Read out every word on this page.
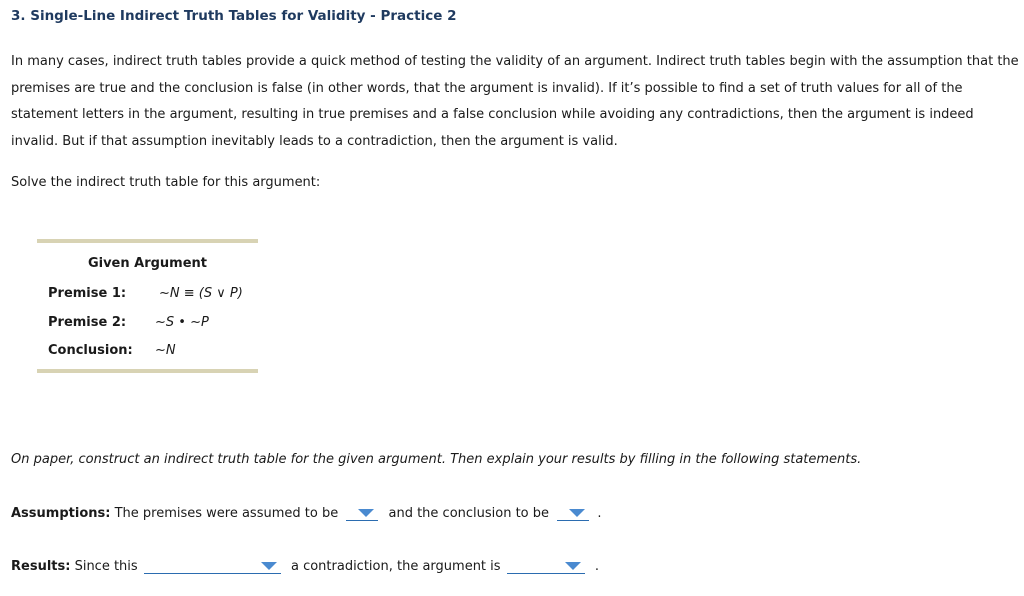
3. Single-Line Indirect Truth Tables for Validity - Practice 2

In many cases, indirect truth tables provide a quick method of testing the validity of an argument. Indirect truth tables begin with the assumption that the premises are true and the conclusion is false (in other words, that the argument is invalid). If it’s possible to find a set of truth values for all of the statement letters in the argument, resulting in true premises and a false conclusion while avoiding any contradictions, then the argument is indeed invalid. But if that assumption inevitably leads to a contradiction, then the argument is valid.

Solve the indirect truth table for this argument:

Given Argument
Premise 1:	~N ≡ (S ∨ P)
Premise 2: ~S • ~P
Conclusion: ~N

On paper, construct an indirect truth table for the given argument. Then explain your results by filling in the following statements.

Assumptions: The premises were assumed to be	and the conclusion to be	.
Results: Since this	a contradiction, the argument is	.
